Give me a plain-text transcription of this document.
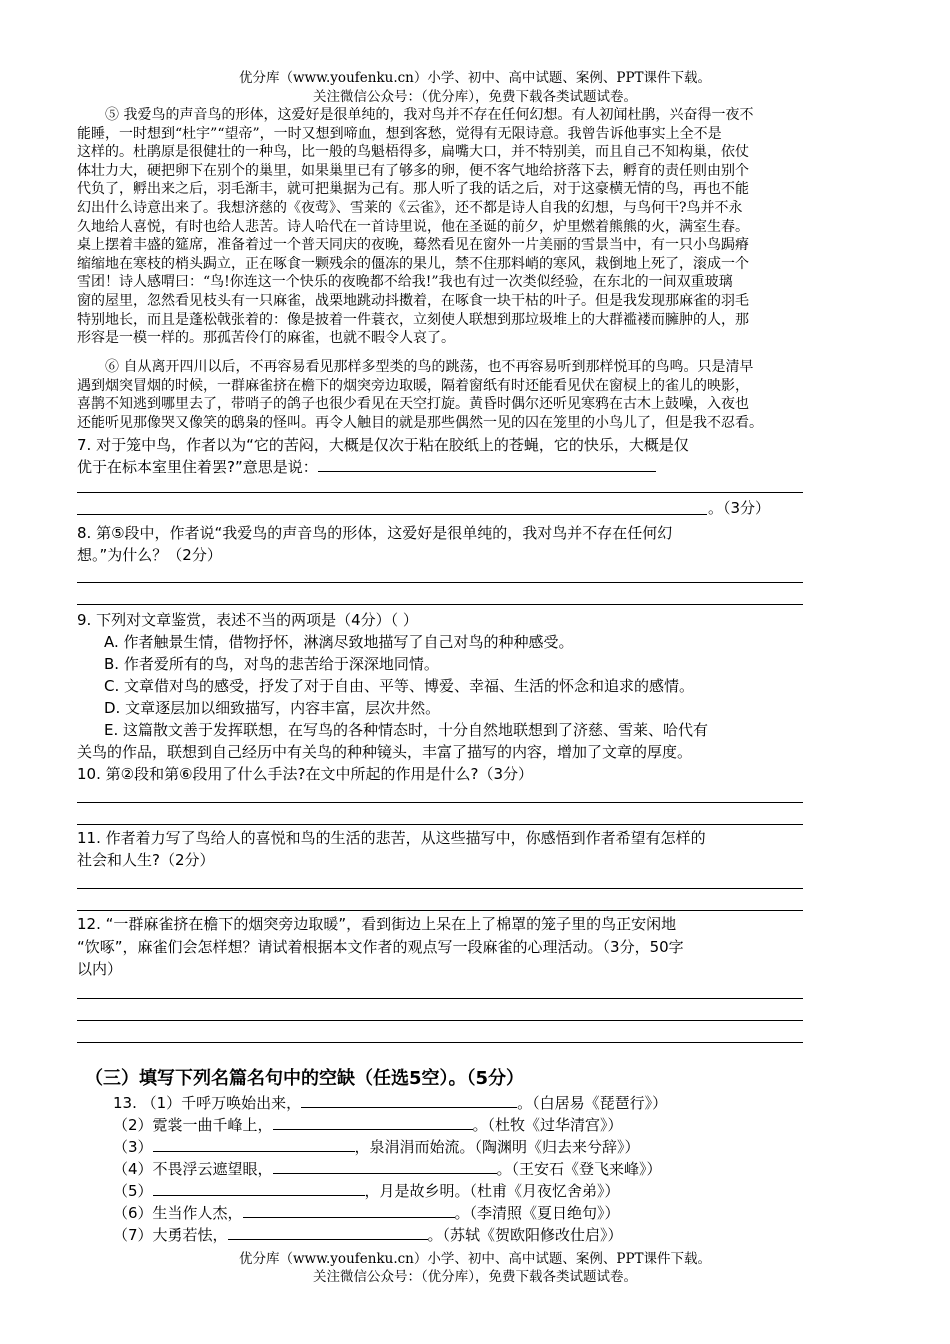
优分库（www.youfenku.cn）小学、初中、高中试题、案例、PPT课件下载。
关注微信公众号：（优分库），免费下载各类试题试卷。
⑤ 我爱鸟的声音鸟的形体，这爱好是很单纯的，我对鸟并不存在任何幻想。有人初闻杜鹃，兴奋得一夜不
能睡，一时想到“杜宇”“望帝”，一时又想到啼血，想到客愁，觉得有无限诗意。我曾告诉他事实上全不是
这样的。杜鹃原是很健壮的一种鸟，比一般的鸟魁梧得多，扁嘴大口，并不特别美，而且自己不知构巢，依仗
体壮力大，硬把卵下在别个的巢里，如果巢里已有了够多的卵，便不客气地给挤落下去，孵育的责任则由别个
代负了，孵出来之后，羽毛渐丰，就可把巢据为己有。那人听了我的话之后，对于这豪横无情的鸟，再也不能
幻出什么诗意出来了。我想济慈的《夜莺》、雪莱的《云雀》，还不都是诗人自我的幻想，与鸟何干?鸟并不永
久地给人喜悦，有时也给人悲苦。诗人哈代在一首诗里说，他在圣诞的前夕，炉里燃着熊熊的火，满室生春。
桌上摆着丰盛的筵席，准备着过一个普天同庆的夜晚，蓦然看见在窗外一片美丽的雪景当中，有一只小鸟跼瘠
缩缩地在寒枝的梢头跼立，正在啄食一颗残余的僵冻的果儿，禁不住那料峭的寒风，栽倒地上死了，滚成一个
雪团！诗人感喟曰：“鸟!你连这一个快乐的夜晚都不给我!”我也有过一次类似经验，在东北的一间双重玻璃
窗的屋里，忽然看见枝头有一只麻雀，战栗地跳动抖擞着，在啄食一块干枯的叶子。但是我发现那麻雀的羽毛
特别地长，而且是蓬松戟张着的：像是披着一件蓑衣，立刻使人联想到那垃圾堆上的大群褴褛而臃肿的人，那
形容是一模一样的。那孤苦伶仃的麻雀，也就不暇令人哀了。
⑥ 自从离开四川以后，不再容易看见那样多型类的鸟的跳荡，也不再容易听到那样悦耳的鸟鸣。只是清早
遇到烟突冒烟的时候，一群麻雀挤在檐下的烟突旁边取暖，隔着窗纸有时还能看见伏在窗棂上的雀儿的映影，
喜鹊不知逃到哪里去了，带哨子的鸽子也很少看见在天空打旋。黄昏时偶尔还听见寒鸦在古木上鼓噪，入夜也
还能听见那像哭又像笑的鸱枭的怪叫。再令人触目的就是那些偶然一见的囚在笼里的小鸟儿了，但是我不忍看。
7. 对于笼中鸟，作者以为“它的苦闷，大概是仅次于粘在胶纸上的苍蝇，它的快乐，大概是仅
优于在标本室里住着罢?”意思是说：
。（3分）
8. 第⑤段中，作者说“我爱鸟的声音鸟的形体，这爱好是很单纯的，我对鸟并不存在任何幻
想。”为什么？（2分）
9. 下列对文章鉴赏，表述不当的两项是（4分）（ ）
A. 作者触景生情，借物抒怀，淋漓尽致地描写了自己对鸟的种种感受。
B. 作者爱所有的鸟，对鸟的悲苦给于深深地同情。
C. 文章借对鸟的感受，抒发了对于自由、平等、博爱、幸福、生活的怀念和追求的感情。
D. 文章逐层加以细致描写，内容丰富，层次井然。
E. 这篇散文善于发挥联想，在写鸟的各种情态时，十分自然地联想到了济慈、雪莱、哈代有
关鸟的作品，联想到自己经历中有关鸟的种种镜头，丰富了描写的内容，增加了文章的厚度。
10. 第②段和第⑥段用了什么手法?在文中所起的作用是什么?（3分）
11. 作者着力写了鸟给人的喜悦和鸟的生活的悲苦，从这些描写中，你感悟到作者希望有怎样的
社会和人生?（2分）
12. “一群麻雀挤在檐下的烟突旁边取暖”，看到街边上呆在上了棉罩的笼子里的鸟正安闲地
“饮啄”，麻雀们会怎样想？请试着根据本文作者的观点写一段麻雀的心理活动。（3分，50字
以内）
（三）填写下列名篇名句中的空缺（任选5空）。（5分）
13. （1）千呼万唤始出来，	。（白居易《琵琶行》）
（2）霓裳一曲千峰上，	。（杜牧《过华清宫》）
（3）	，泉涓涓而始流。（陶渊明《归去来兮辞》）
（4）不畏浮云遮望眼，	。（王安石《登飞来峰》）
（5）	，月是故乡明。（杜甫《月夜忆舍弟》）
（6）生当作人杰，	。（李清照《夏日绝句》）
（7）大勇若怯，	。（苏轼《贺欧阳修改仕启》）
优分库（www.youfenku.cn）小学、初中、高中试题、案例、PPT课件下载。
关注微信公众号：（优分库），免费下载各类试题试卷。
